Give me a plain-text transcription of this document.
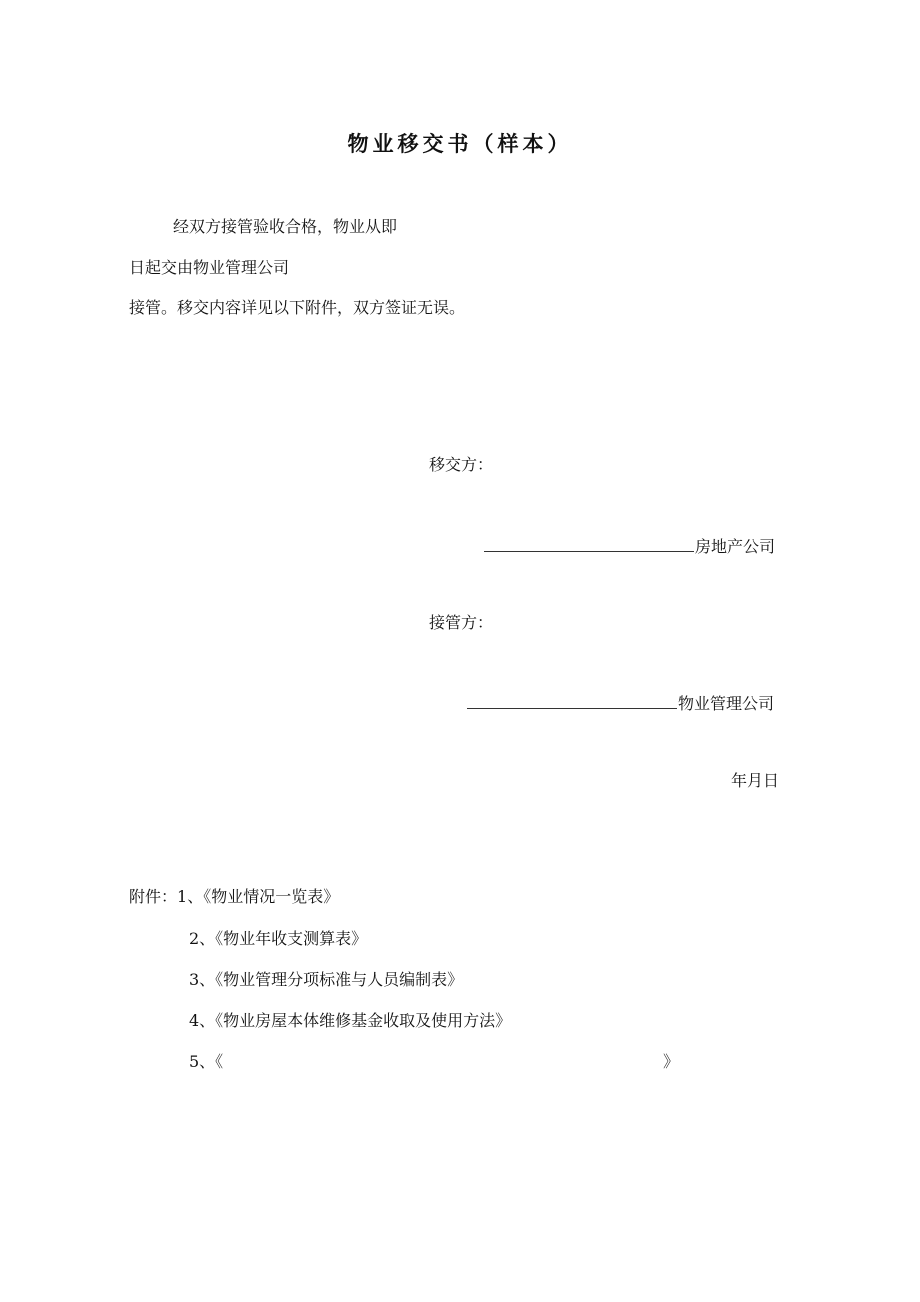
物业移交书（样本）
经双方接管验收合格，物业从即
日起交由物业管理公司
接管。移交内容详见以下附件，双方签证无误。
移交方：
房地产公司
接管方：
物业管理公司
年月日
附件：1、《物业情况一览表》
2、《物业年收支测算表》
3、《物业管理分项标准与人员编制表》
4、《物业房屋本体维修基金收取及使用方法》
5、《	》
